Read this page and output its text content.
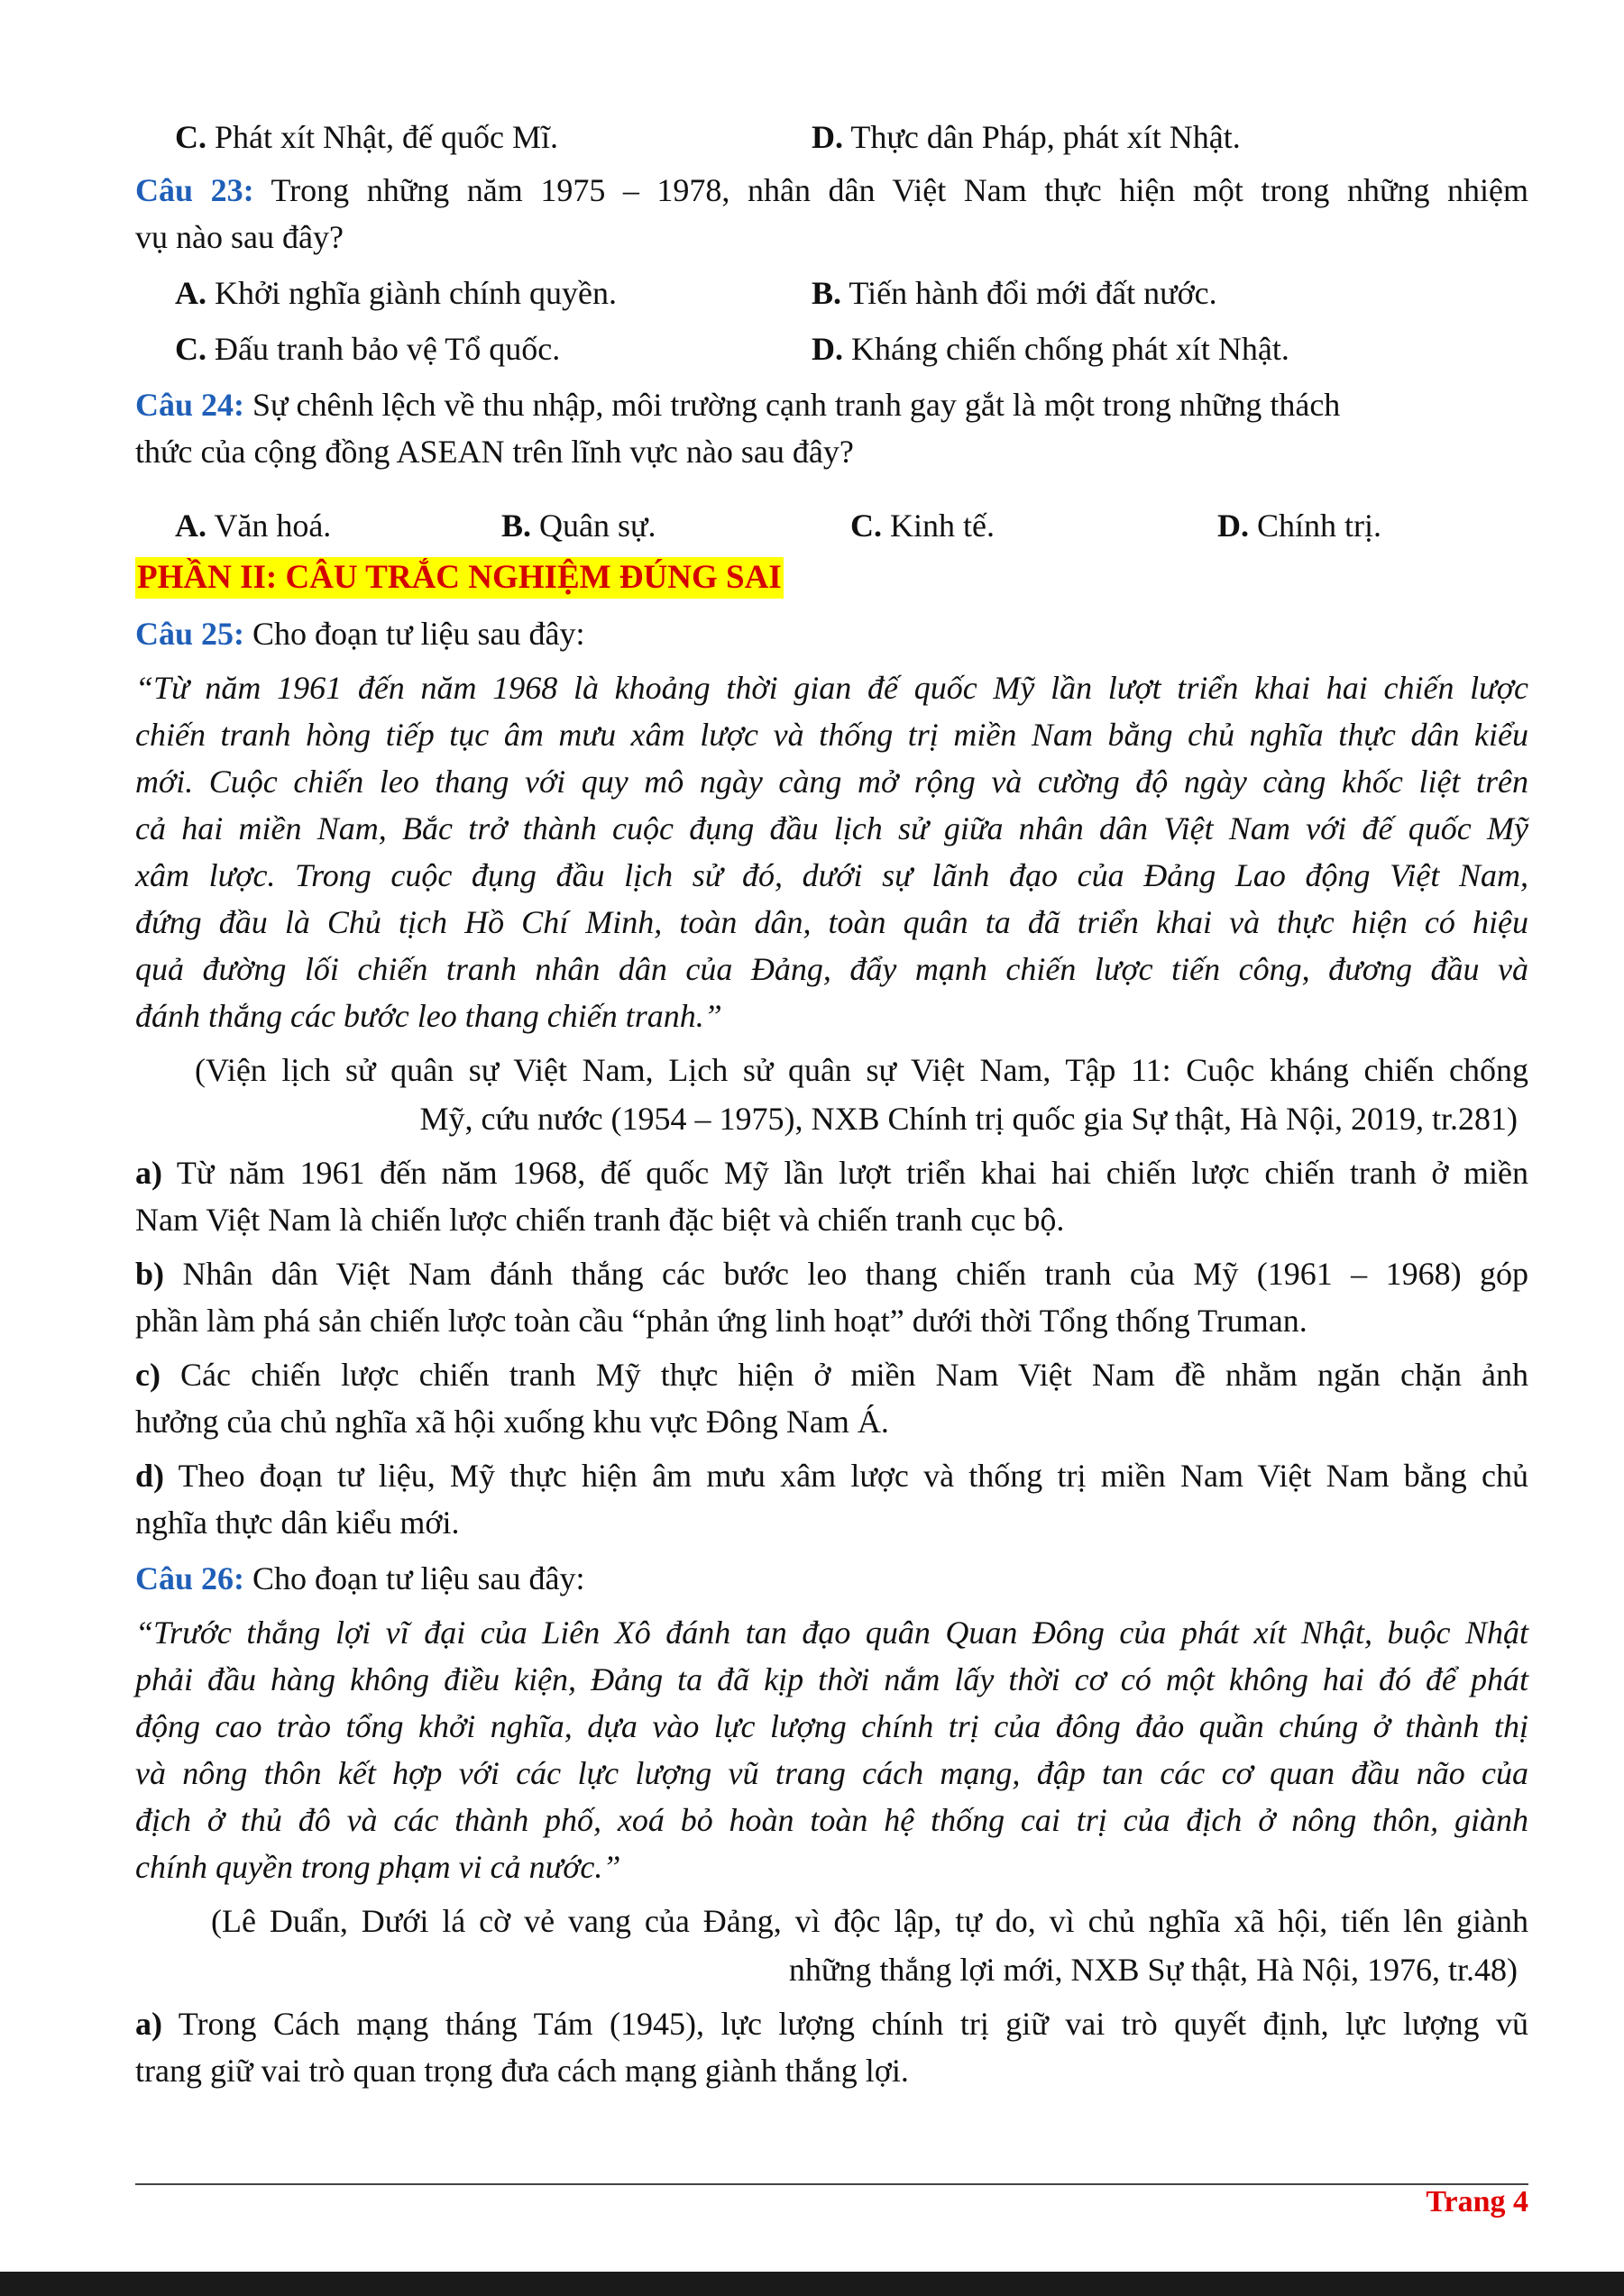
C. Phát xít Nhật, đế quốc Mĩ.	D. Thực dân Pháp, phát xít Nhật.
Câu 23: Trong những năm 1975 – 1978, nhân dân Việt Nam thực hiện một trong những nhiệm
vụ nào sau đây?
A. Khởi nghĩa giành chính quyền.	B. Tiến hành đổi mới đất nước.
C. Đấu tranh bảo vệ Tổ quốc.	D. Kháng chiến chống phát xít Nhật.
Câu 24: Sự chênh lệch về thu nhập, môi trường cạnh tranh gay gắt là một trong những thách
thức của cộng đồng ASEAN trên lĩnh vực nào sau đây?
A. Văn hoá.	B. Quân sự.	C. Kinh tế.	D. Chính trị.
PHẦN II: CÂU TRẮC NGHIỆM ĐÚNG SAI
Câu 25: Cho đoạn tư liệu sau đây:
“Từ năm 1961 đến năm 1968 là khoảng thời gian đế quốc Mỹ lần lượt triển khai hai chiến lược
chiến tranh hòng tiếp tục âm mưu xâm lược và thống trị miền Nam bằng chủ nghĩa thực dân kiểu
mới. Cuộc chiến leo thang với quy mô ngày càng mở rộng và cường độ ngày càng khốc liệt trên
cả hai miền Nam, Bắc trở thành cuộc đụng đầu lịch sử giữa nhân dân Việt Nam với đế quốc Mỹ
xâm lược. Trong cuộc đụng đầu lịch sử đó, dưới sự lãnh đạo của Đảng Lao động Việt Nam,
đứng đầu là Chủ tịch Hồ Chí Minh, toàn dân, toàn quân ta đã triển khai và thực hiện có hiệu
quả đường lối chiến tranh nhân dân của Đảng, đẩy mạnh chiến lược tiến công, đương đầu và
đánh thắng các bước leo thang chiến tranh.”
(Viện lịch sử quân sự Việt Nam, Lịch sử quân sự Việt Nam, Tập 11: Cuộc kháng chiến chống
Mỹ, cứu nước (1954 – 1975), NXB Chính trị quốc gia Sự thật, Hà Nội, 2019, tr.281)
a) Từ năm 1961 đến năm 1968, đế quốc Mỹ lần lượt triển khai hai chiến lược chiến tranh ở miền
Nam Việt Nam là chiến lược chiến tranh đặc biệt và chiến tranh cục bộ.
b) Nhân dân Việt Nam đánh thắng các bước leo thang chiến tranh của Mỹ (1961 – 1968) góp
phần làm phá sản chiến lược toàn cầu “phản ứng linh hoạt” dưới thời Tổng thống Truman.
c) Các chiến lược chiến tranh Mỹ thực hiện ở miền Nam Việt Nam đề nhằm ngăn chặn ảnh
hưởng của chủ nghĩa xã hội xuống khu vực Đông Nam Á.
d) Theo đoạn tư liệu, Mỹ thực hiện âm mưu xâm lược và thống trị miền Nam Việt Nam bằng chủ
nghĩa thực dân kiểu mới.
Câu 26: Cho đoạn tư liệu sau đây:
“Trước thắng lợi vĩ đại của Liên Xô đánh tan đạo quân Quan Đông của phát xít Nhật, buộc Nhật
phải đầu hàng không điều kiện, Đảng ta đã kịp thời nắm lấy thời cơ có một không hai đó để phát
động cao trào tổng khởi nghĩa, dựa vào lực lượng chính trị của đông đảo quần chúng ở thành thị
và nông thôn kết hợp với các lực lượng vũ trang cách mạng, đập tan các cơ quan đầu não của
địch ở thủ đô và các thành phố, xoá bỏ hoàn toàn hệ thống cai trị của địch ở nông thôn, giành
chính quyền trong phạm vi cả nước.”
(Lê Duẩn, Dưới lá cờ vẻ vang của Đảng, vì độc lập, tự do, vì chủ nghĩa xã hội, tiến lên giành
những thắng lợi mới, NXB Sự thật, Hà Nội, 1976, tr.48)
a) Trong Cách mạng tháng Tám (1945), lực lượng chính trị giữ vai trò quyết định, lực lượng vũ
trang giữ vai trò quan trọng đưa cách mạng giành thắng lợi.
Trang 4
